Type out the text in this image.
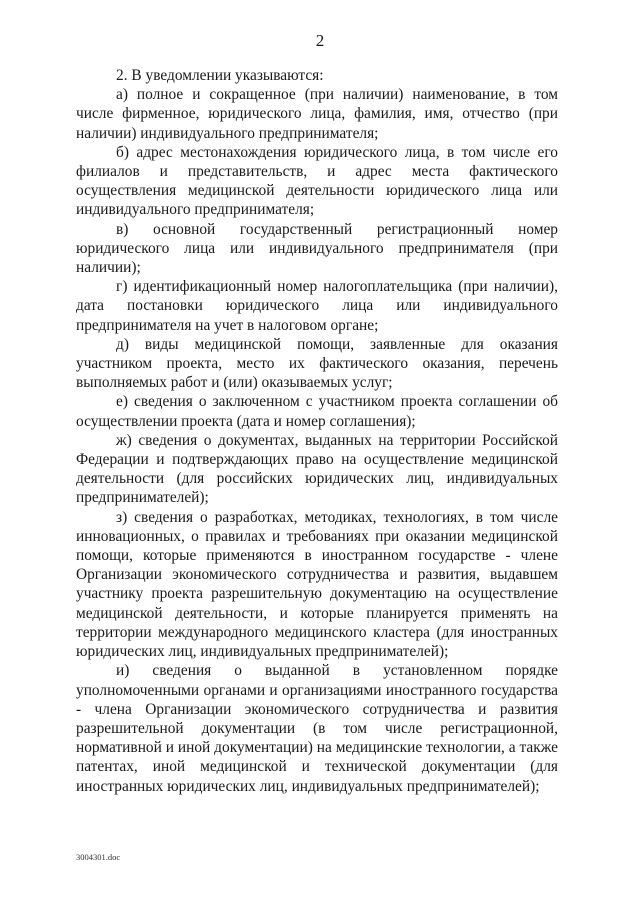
2

2. В уведомлении указываются:

а) полное и сокращенное (при наличии) наименование, в том числе фирменное, юридического лица, фамилия, имя, отчество (при наличии) индивидуального предпринимателя;

б) адрес местонахождения юридического лица, в том числе его филиалов и представительств, и адрес места фактического осуществления медицинской деятельности юридического лица или индивидуального предпринимателя;

в) основной государственный регистрационный номер юридического лица или индивидуального предпринимателя (при наличии);

г) идентификационный номер налогоплательщика (при наличии), дата постановки юридического лица или индивидуального предпринимателя на учет в налоговом органе;

д) виды медицинской помощи, заявленные для оказания участником проекта, место их фактического оказания, перечень выполняемых работ и (или) оказываемых услуг;

е) сведения о заключенном с участником проекта соглашении об осуществлении проекта (дата и номер соглашения);

ж) сведения о документах, выданных на территории Российской Федерации и подтверждающих право на осуществление медицинской деятельности (для российских юридических лиц, индивидуальных предпринимателей);

з) сведения о разработках, методиках, технологиях, в том числе инновационных, о правилах и требованиях при оказании медицинской помощи, которые применяются в иностранном государстве - члене Организации экономического сотрудничества и развития, выдавшем участнику проекта разрешительную документацию на осуществление медицинской деятельности, и которые планируется применять на территории международного медицинского кластера (для иностранных юридических лиц, индивидуальных предпринимателей);

и) сведения о выданной в установленном порядке уполномоченными органами и организациями иностранного государства - члена Организации экономического сотрудничества и развития разрешительной документации (в том числе регистрационной, нормативной и иной документации) на медицинские технологии, а также патентах, иной медицинской и технической документации (для иностранных юридических лиц, индивидуальных предпринимателей);

3004301.doc
